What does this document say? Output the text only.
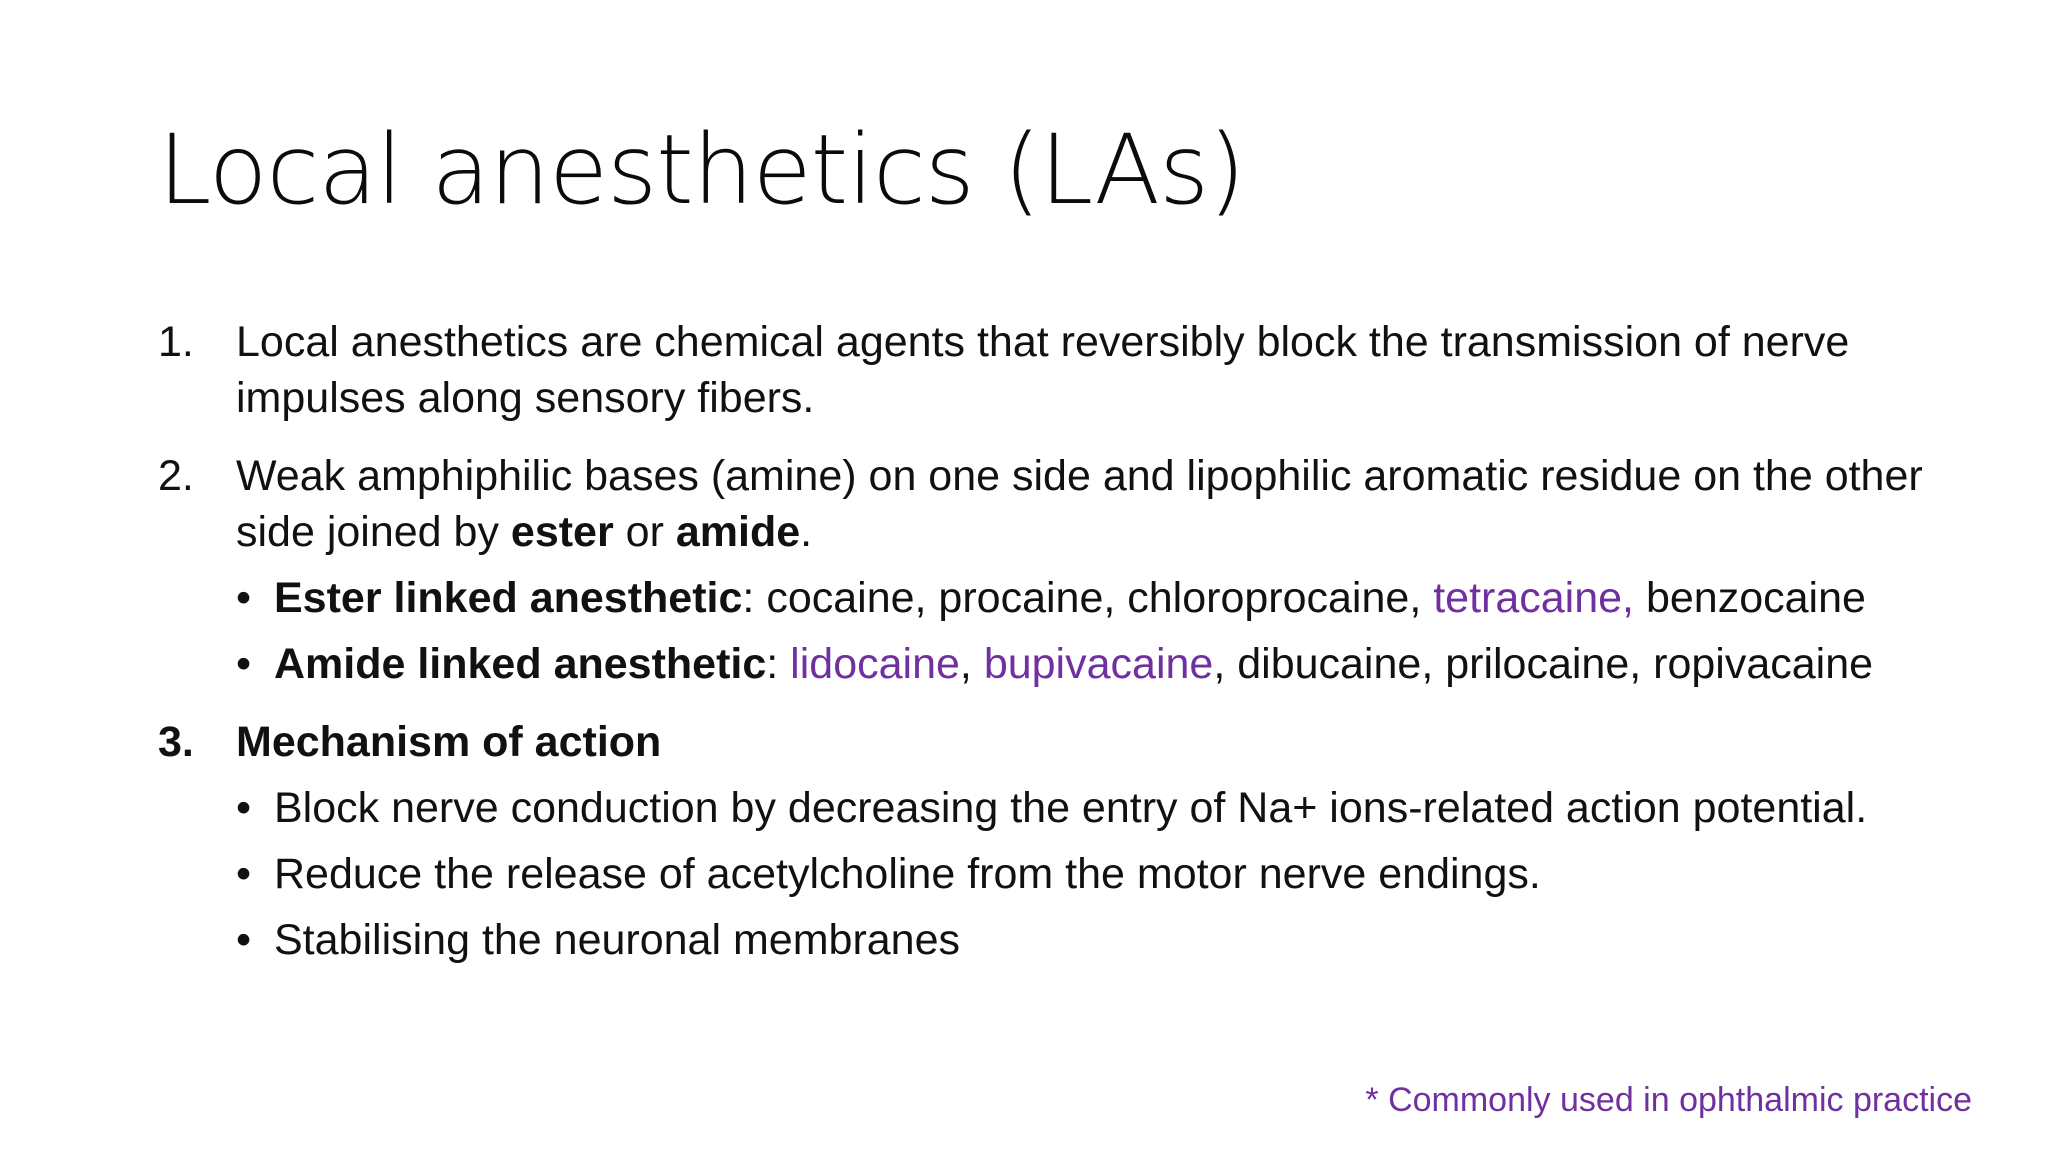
Local anesthetics (LAs)
1. Local anesthetics are chemical agents that reversibly block the transmission of nerve impulses along sensory fibers.
2. Weak amphiphilic bases (amine) on one side and lipophilic aromatic residue on the other side joined by ester or amide.
• Ester linked anesthetic: cocaine, procaine, chloroprocaine, tetracaine, benzocaine
• Amide linked anesthetic: lidocaine, bupivacaine, dibucaine, prilocaine, ropivacaine
3. Mechanism of action
• Block nerve conduction by decreasing the entry of Na+ ions-related action potential.
• Reduce the release of acetylcholine from the motor nerve endings.
• Stabilising the neuronal membranes
* Commonly used in ophthalmic practice
